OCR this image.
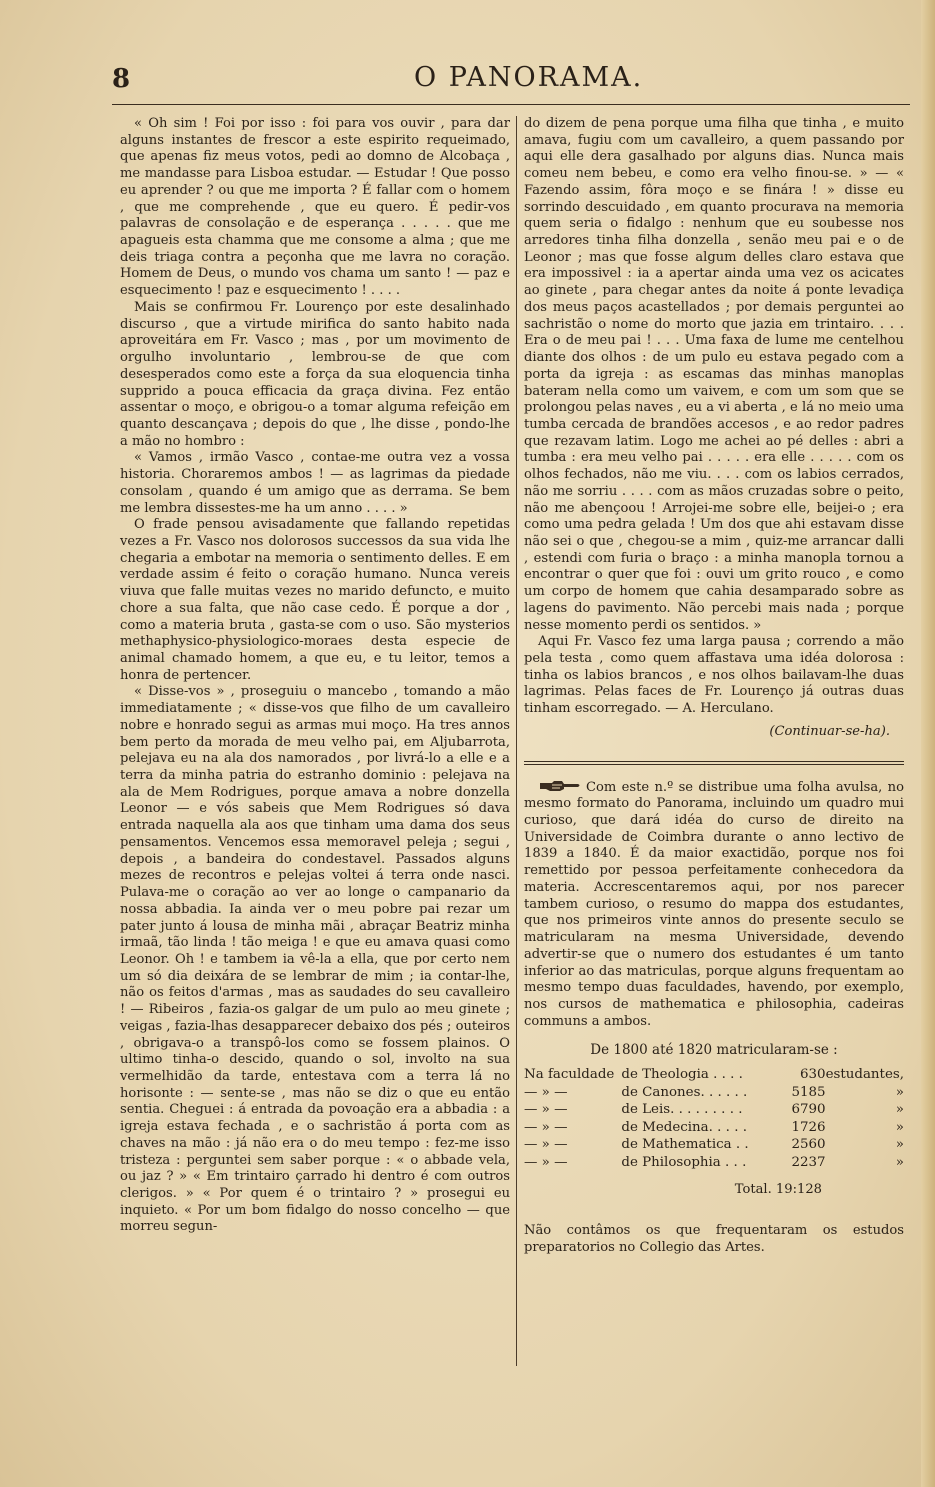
8	O PANORAMA.

« Oh sim ! Foi por isso : foi para vos ouvir , para dar alguns instantes de frescor a este espirito requeimado, que apenas fiz meus votos, pedi ao domno de Alcobaça , me mandasse para Lisboa estudar. — Estudar ! Que posso eu aprender ? ou que me importa ? É fallar com o homem , que me comprehende , que eu quero. É pedir-vos palavras de consolação e de esperança . . . . . que me apagueis esta chamma que me consome a alma ; que me deis triaga contra a peçonha que me lavra no coração. Homem de Deus, o mundo vos chama um santo ! — paz e esquecimento ! paz e esquecimento ! . . . .

Mais se confirmou Fr. Lourenço por este desalinhado discurso , que a virtude mirifica do santo habito nada aproveitára em Fr. Vasco ; mas , por um movimento de orgulho involuntario , lembrou-se de que com desesperados como este a força da sua eloquencia tinha supprido a pouca efficacia da graça divina. Fez então assentar o moço, e obrigou-o a tomar alguma refeição em quanto descançava ; depois do que , lhe disse , pondo-lhe a mão no hombro :

« Vamos , irmão Vasco , contae-me outra vez a vossa historia. Choraremos ambos ! — as lagrimas da piedade consolam , quando é um amigo que as derrama. Se bem me lembra dissestes-me ha um anno . . . . »

O frade pensou avisadamente que fallando repetidas vezes a Fr. Vasco nos dolorosos successos da sua vida lhe chegaria a embotar na memoria o sentimento delles. E em verdade assim é feito o coração humano. Nunca vereis viuva que falle muitas vezes no marido defuncto, e muito chore a sua falta, que não case cedo. É porque a dor , como a materia bruta , gasta-se com o uso. São mysterios methaphysico-physiologico-moraes desta especie de animal chamado homem, a que eu, e tu leitor, temos a honra de pertencer.

« Disse-vos » , proseguiu o mancebo , tomando a mão immediatamente ; « disse-vos que filho de um cavalleiro nobre e honrado segui as armas mui moço. Ha tres annos bem perto da morada de meu velho pai, em Aljubarrota, pelejava eu na ala dos namorados , por livrá-lo a elle e a terra da minha patria do estranho dominio : pelejava na ala de Mem Rodrigues, porque amava a nobre donzella Leonor — e vós sabeis que Mem Rodrigues só dava entrada naquella ala aos que tinham uma dama dos seus pensamentos. Vencemos essa memoravel peleja ; segui , depois , a bandeira do condestavel. Passados alguns mezes de recontros e pelejas voltei á terra onde nasci. Pulava-me o coração ao ver ao longe o campanario da nossa abbadia. Ia ainda ver o meu pobre pai rezar um pater junto á lousa de minha mãi , abraçar Beatriz minha irmaã, tão linda ! tão meiga ! e que eu amava quasi como Leonor. Oh ! e tambem ia vê-la a ella, que por certo nem um só dia deixára de se lembrar de mim ; ia contar-lhe, não os feitos d'armas , mas as saudades do seu cavalleiro ! — Ribeiros , fazia-os galgar de um pulo ao meu ginete ; veigas , fazia-lhas desapparecer debaixo dos pés ; outeiros , obrigava-o a transpô-los como se fossem plainos. O ultimo tinha-o descido, quando o sol, involto na sua vermelhidão da tarde, entestava com a terra lá no horisonte : — sente-se , mas não se diz o que eu então sentia. Cheguei : á entrada da povoação era a abbadia : a igreja estava fechada , e o sachristão á porta com as chaves na mão : já não era o do meu tempo : fez-me isso tristeza : perguntei sem saber porque : « o abbade vela, ou jaz ? » « Em trintairo çarrado hi dentro é com outros clerigos. » « Por quem é o trintairo ? » prosegui eu inquieto. « Por um bom fidalgo do nosso concelho — que morreu segun-

do dizem de pena porque uma filha que tinha , e muito amava, fugiu com um cavalleiro, a quem passando por aqui elle dera gasalhado por alguns dias. Nunca mais comeu nem bebeu, e como era velho finou-se. » — « Fazendo assim, fôra moço e se finára ! » disse eu sorrindo descuidado , em quanto procurava na memoria quem seria o fidalgo : nenhum que eu soubesse nos arredores tinha filha donzella , senão meu pai e o de Leonor ; mas que fosse algum delles claro estava que era impossivel : ia a apertar ainda uma vez os acicates ao ginete , para chegar antes da noite á ponte levadiça dos meus paços acastellados ; por demais perguntei ao sachristão o nome do morto que jazia em trintairo. . . . Era o de meu pai ! . . . Uma faxa de lume me centelhou diante dos olhos : de um pulo eu estava pegado com a porta da igreja : as escamas das minhas manoplas bateram nella como um vaivem, e com um som que se prolongou pelas naves , eu a vi aberta , e lá no meio uma tumba cercada de brandões accesos , e ao redor padres que rezavam latim. Logo me achei ao pé delles : abri a tumba : era meu velho pai . . . . . era elle . . . . . com os olhos fechados, não me viu. . . . com os labios cerrados, não me sorriu . . . . com as mãos cruzadas sobre o peito, não me abençoou ! Arrojei-me sobre elle, beijei-o ; era como uma pedra gelada ! Um dos que ahi estavam disse não sei o que , chegou-se a mim , quiz-me arrancar dalli , estendi com furia o braço : a minha manopla tornou a encontrar o quer que foi : ouvi um grito rouco , e como um corpo de homem que cahia desamparado sobre as lagens do pavimento. Não percebi mais nada ; porque nesse momento perdi os sentidos. »

Aqui Fr. Vasco fez uma larga pausa ; correndo a mão pela testa , como quem affastava uma idéa dolorosa : tinha os labios brancos , e nos olhos bailavam-lhe duas lagrimas. Pelas faces de Fr. Lourenço já outras duas tinham escorregado. — A. Herculano.

(Continuar-se-ha).

Com este n.º se distribue uma folha avulsa, no mesmo formato do Panorama, incluindo um quadro mui curioso, que dará idéa do curso de direito na Universidade de Coimbra durante o anno lectivo de 1839 a 1840. É da maior exactidão, porque nos foi remettido por pessoa perfeitamente conhecedora da materia. Accrescentaremos aqui, por nos parecer tambem curioso, o resumo do mappa dos estudantes, que nos primeiros vinte annos do presente seculo se matricularam na mesma Universidade, devendo advertir-se que o numero dos estudantes é um tanto inferior ao das matriculas, porque alguns frequentam ao mesmo tempo duas faculdades, havendo, por exemplo, nos cursos de mathematica e philosophia, cadeiras communs a ambos.

De 1800 até 1820 matricularam-se :

Na faculdade	de Theologia . . . .	630	estudantes,
— » —	de Canones. . . . . .	5185	»
— » —	de Leis. . . . . . . . .	6790	»
— » —	de Medecina. . . . .	1726	»
— » —	de Mathematica . .	2560	»
— » —	de Philosophia . . .	2237	»

Total. 19:128

Não contâmos os que frequentaram os estudos preparatorios no Collegio das Artes.
